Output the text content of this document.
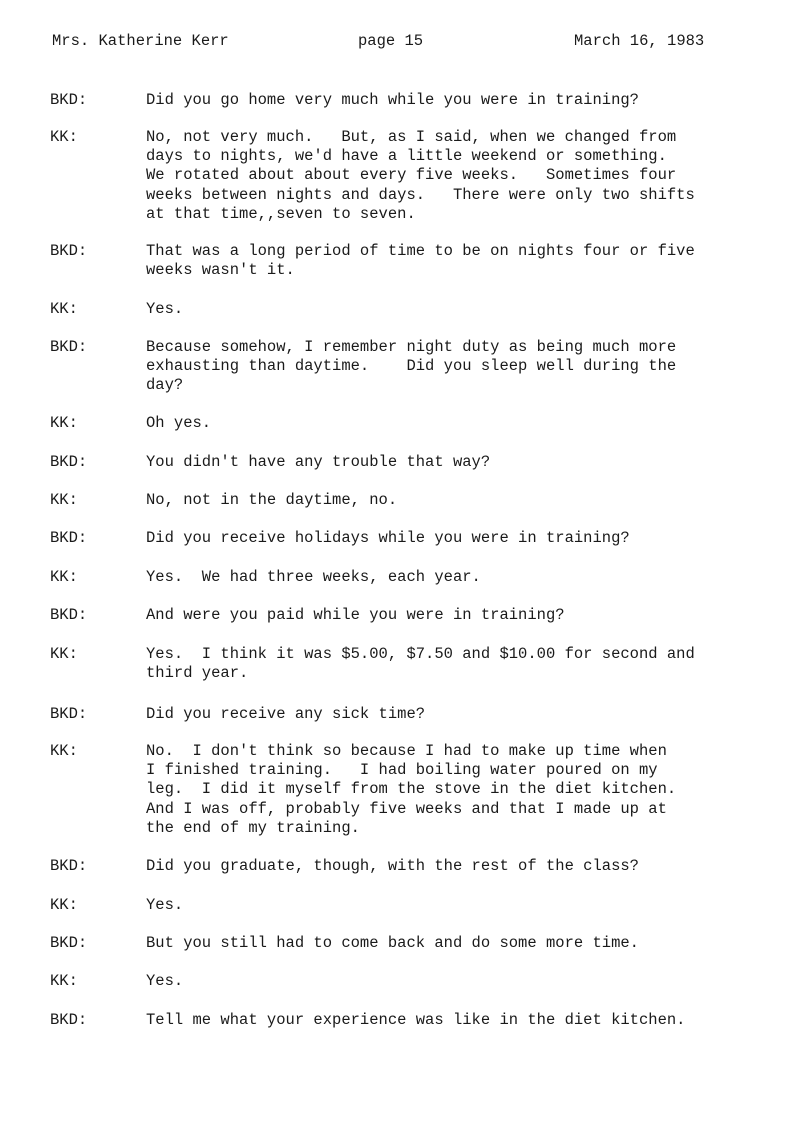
Mrs. Katherine Kerr	page 15	March 16, 1983
BKD:	Did you go home very much while you were in training?
KK:	No, not very much.   But, as I said, when we changed from
days to nights, we'd have a little weekend or something.
We rotated about about every five weeks.   Sometimes four
weeks between nights and days.   There were only two shifts
at that time,,seven to seven.
BKD:	That was a long period of time to be on nights four or five
weeks wasn't it.
KK:	Yes.
BKD:	Because somehow, I remember night duty as being much more
exhausting than daytime.    Did you sleep well during the
day?
KK:	Oh yes.
BKD:	You didn't have any trouble that way?
KK:	No, not in the daytime, no.
BKD:	Did you receive holidays while you were in training?
KK:	Yes.  We had three weeks, each year.
BKD:	And were you paid while you were in training?
KK:	Yes.  I think it was $5.00, $7.50 and $10.00 for second and
third year.
BKD:	Did you receive any sick time?
KK:	No.  I don't think so because I had to make up time when
I finished training.   I had boiling water poured on my
leg.  I did it myself from the stove in the diet kitchen.
And I was off, probably five weeks and that I made up at
the end of my training.
BKD:	Did you graduate, though, with the rest of the class?
KK:	Yes.
BKD:	But you still had to come back and do some more time.
KK:	Yes.
BKD:	Tell me what your experience was like in the diet kitchen.
